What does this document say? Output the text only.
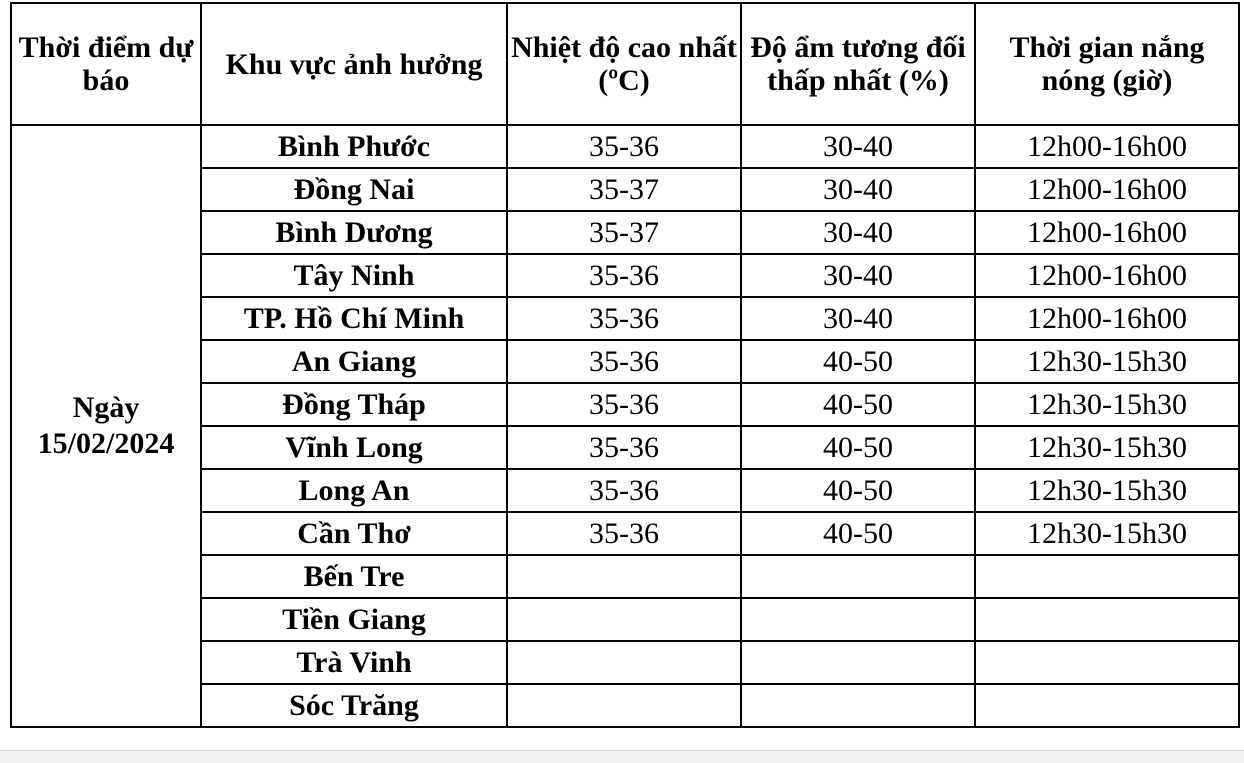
Thời điểm dự báo	Khu vực ảnh hưởng	Nhiệt độ cao nhất (ºC)	Độ ẩm tương đối thấp nhất (%)	Thời gian nắng nóng (giờ)
Ngày 15/02/2024	Bình Phước	35-36	30-40	12h00-16h00
	Đồng Nai	35-37	30-40	12h00-16h00
	Bình Dương	35-37	30-40	12h00-16h00
	Tây Ninh	35-36	30-40	12h00-16h00
	TP. Hồ Chí Minh	35-36	30-40	12h00-16h00
	An Giang	35-36	40-50	12h30-15h30
	Đồng Tháp	35-36	40-50	12h30-15h30
	Vĩnh Long	35-36	40-50	12h30-15h30
	Long An	35-36	40-50	12h30-15h30
	Cần Thơ	35-36	40-50	12h30-15h30
	Bến Tre			
	Tiền Giang			
	Trà Vinh			
	Sóc Trăng			
